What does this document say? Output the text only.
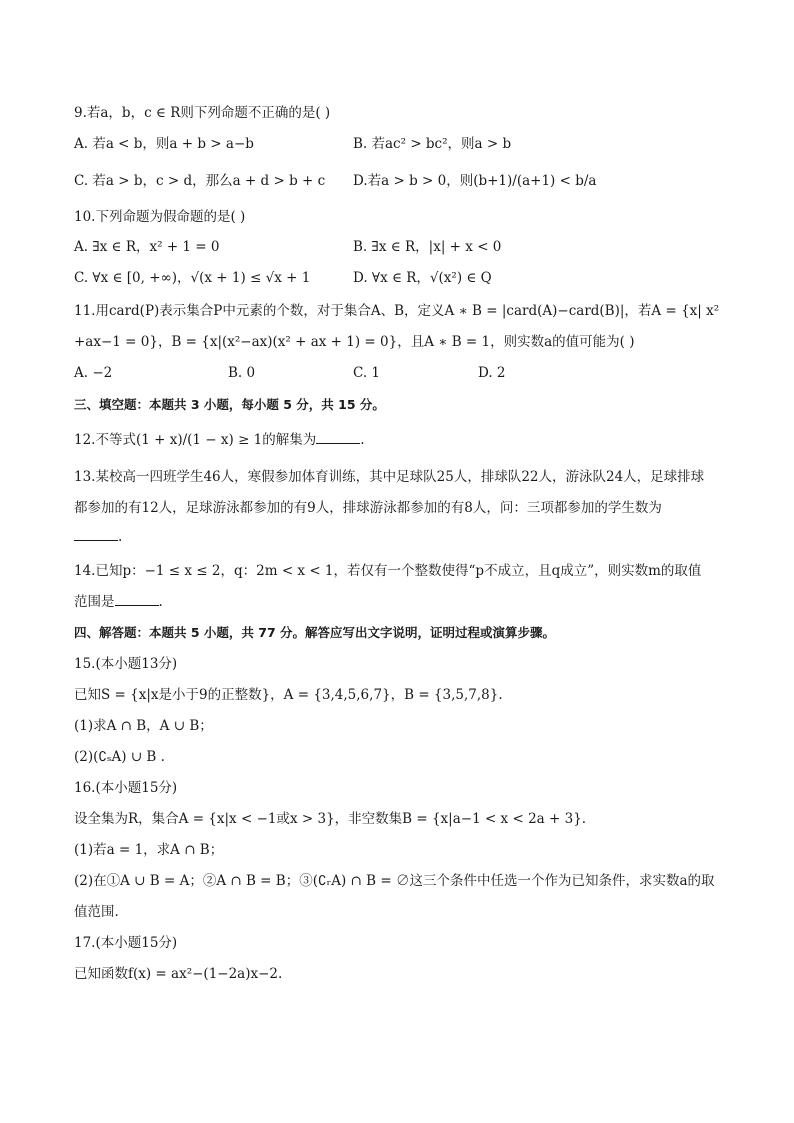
9.若a，b，c ∈ R则下列命题不正确的是( )
A. 若a < b，则a + b > a−b	B. 若ac² > bc²，则a > b
C. 若a > b，c > d，那么a + d > b + c D.若a > b > 0，则(b+1)/(a+1) < b/a
10.下列命题为假命题的是( )
A. ∃x ∈ R，x² + 1 = 0	B. ∃x ∈ R，|x| + x < 0
C. ∀x ∈ [0, +∞)，√(x + 1) ≤ √x + 1	D. ∀x ∈ R，√(x²) ∈ Q
11.用card(P)表示集合P中元素的个数，对于集合A、B，定义A ∗ B = |card(A)−card(B)|，若A = {x| x²
+ax−1 = 0}，B = {x|(x²−ax)(x² + ax + 1) = 0}，且A ∗ B = 1，则实数a的值可能为( )
A. −2	B. 0	C. 1	D. 2
三、填空题：本题共 3 小题，每小题 5 分，共 15 分。
12.不等式(1 + x)/(1 − x) ≥ 1的解集为	.
13.某校高一四班学生46人，寒假参加体育训练，其中足球队25人，排球队22人，游泳队24人，足球排球
都参加的有12人，足球游泳都参加的有9人，排球游泳都参加的有8人，问：三项都参加的学生数为
.
14.已知p：−1 ≤ x ≤ 2，q：2m < x < 1，若仅有一个整数使得“p不成立，且q成立”，则实数m的取值
范围是	.
四、解答题：本题共 5 小题，共 77 分。解答应写出文字说明，证明过程或演算步骤。
15.(本小题13分)
已知S = {x|x是小于9的正整数}，A = {3,4,5,6,7}，B = {3,5,7,8}.
(1)求A ∩ B，A ∪ B；
(2)(∁ₛA) ∪ B .
16.(本小题15分)
设全集为R，集合A = {x|x < −1或x > 3}，非空数集B = {x|a−1 < x < 2a + 3}.
(1)若a = 1，求A ∩ B；
(2)在①A ∪ B = A；②A ∩ B = B；③(∁ᵣA) ∩ B = ∅这三个条件中任选一个作为已知条件，求实数a的取
值范围.
17.(本小题15分)
已知函数f(x) = ax²−(1−2a)x−2.
